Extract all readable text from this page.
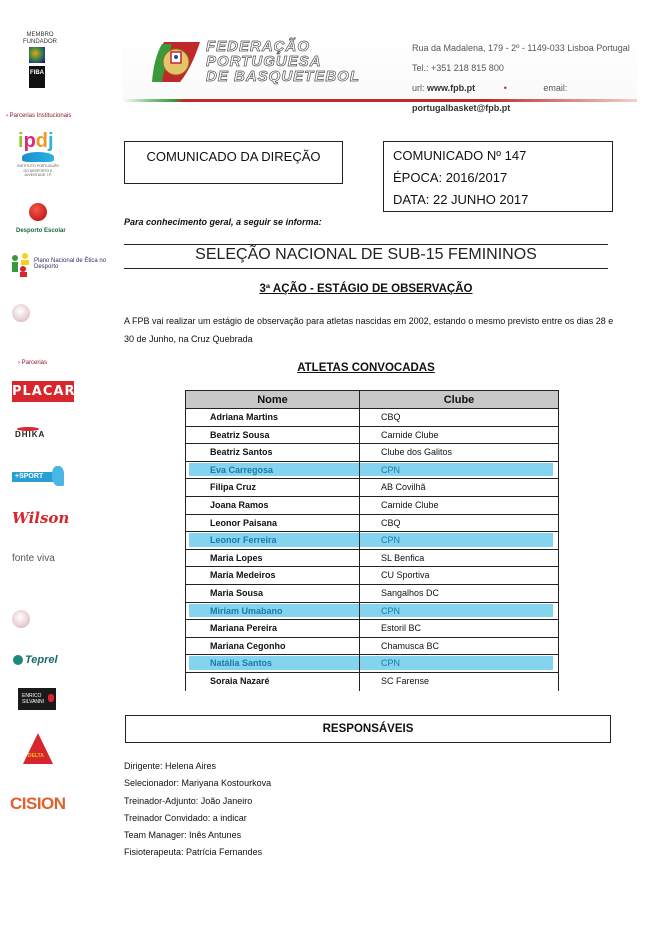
MEMBRO FUNDADOR
FIBA
› Parcerias Institucionais
ipdj
INSTITUTO PORTUGUÊS DO DESPORTO E JUVENTUDE, I.P.
Desporto Escolar
Plano Nacional de Ética no Desporto
› Parcerias
PLACARD
DHIKA
+SPORT
Wilson
fonte viva
Teprel
ENRICO SILVANNI
DELTA
CISION
FEDERAÇÃO
PORTUGUESA
DE BASQUETEBOL
Rua da Madalena, 179 - 2º - 1149-033 Lisboa Portugal
Tel.: +351 218 815 800
url: www.fpb.pt	•	email: portugalbasket@fpb.pt
COMUNICADO DA DIREÇÃO	COMUNICADO Nº 147
ÉPOCA: 2016/2017
DATA: 22 JUNHO 2017
Para conhecimento geral, a seguir se informa:
SELEÇÃO NACIONAL DE SUB-15 FEMININOS
3ª AÇÃO - ESTÁGIO DE OBSERVAÇÃO
A FPB vai realizar um estágio de observação para atletas nascidas em 2002, estando o mesmo previsto entre os dias 28 e 30 de Junho, na Cruz Quebrada
ATLETAS CONVOCADAS
Nome	Clube
Adriana Martins	CBQ
Beatriz Sousa	Carnide Clube
Beatriz Santos	Clube dos Galitos
Eva Carregosa	CPN
Filipa Cruz	AB Covilhã
Joana Ramos	Carnide Clube
Leonor Paisana	CBQ
Leonor Ferreira	CPN
Maria Lopes	SL Benfica
Maria Medeiros	CU Sportiva
Maria Sousa	Sangalhos DC
Miriam Umabano	CPN
Mariana Pereira	Estoril BC
Mariana Cegonho	Chamusca BC
Natália Santos	CPN
Soraia Nazaré	SC Farense
RESPONSÁVEIS
Dirigente: Helena Aires
Selecionador: Mariyana Kostourkova
Treinador-Adjunto: João Janeiro
Treinador Convidado: a indicar
Team Manager: Inês Antunes
Fisioterapeuta: Patrícia Fernandes
